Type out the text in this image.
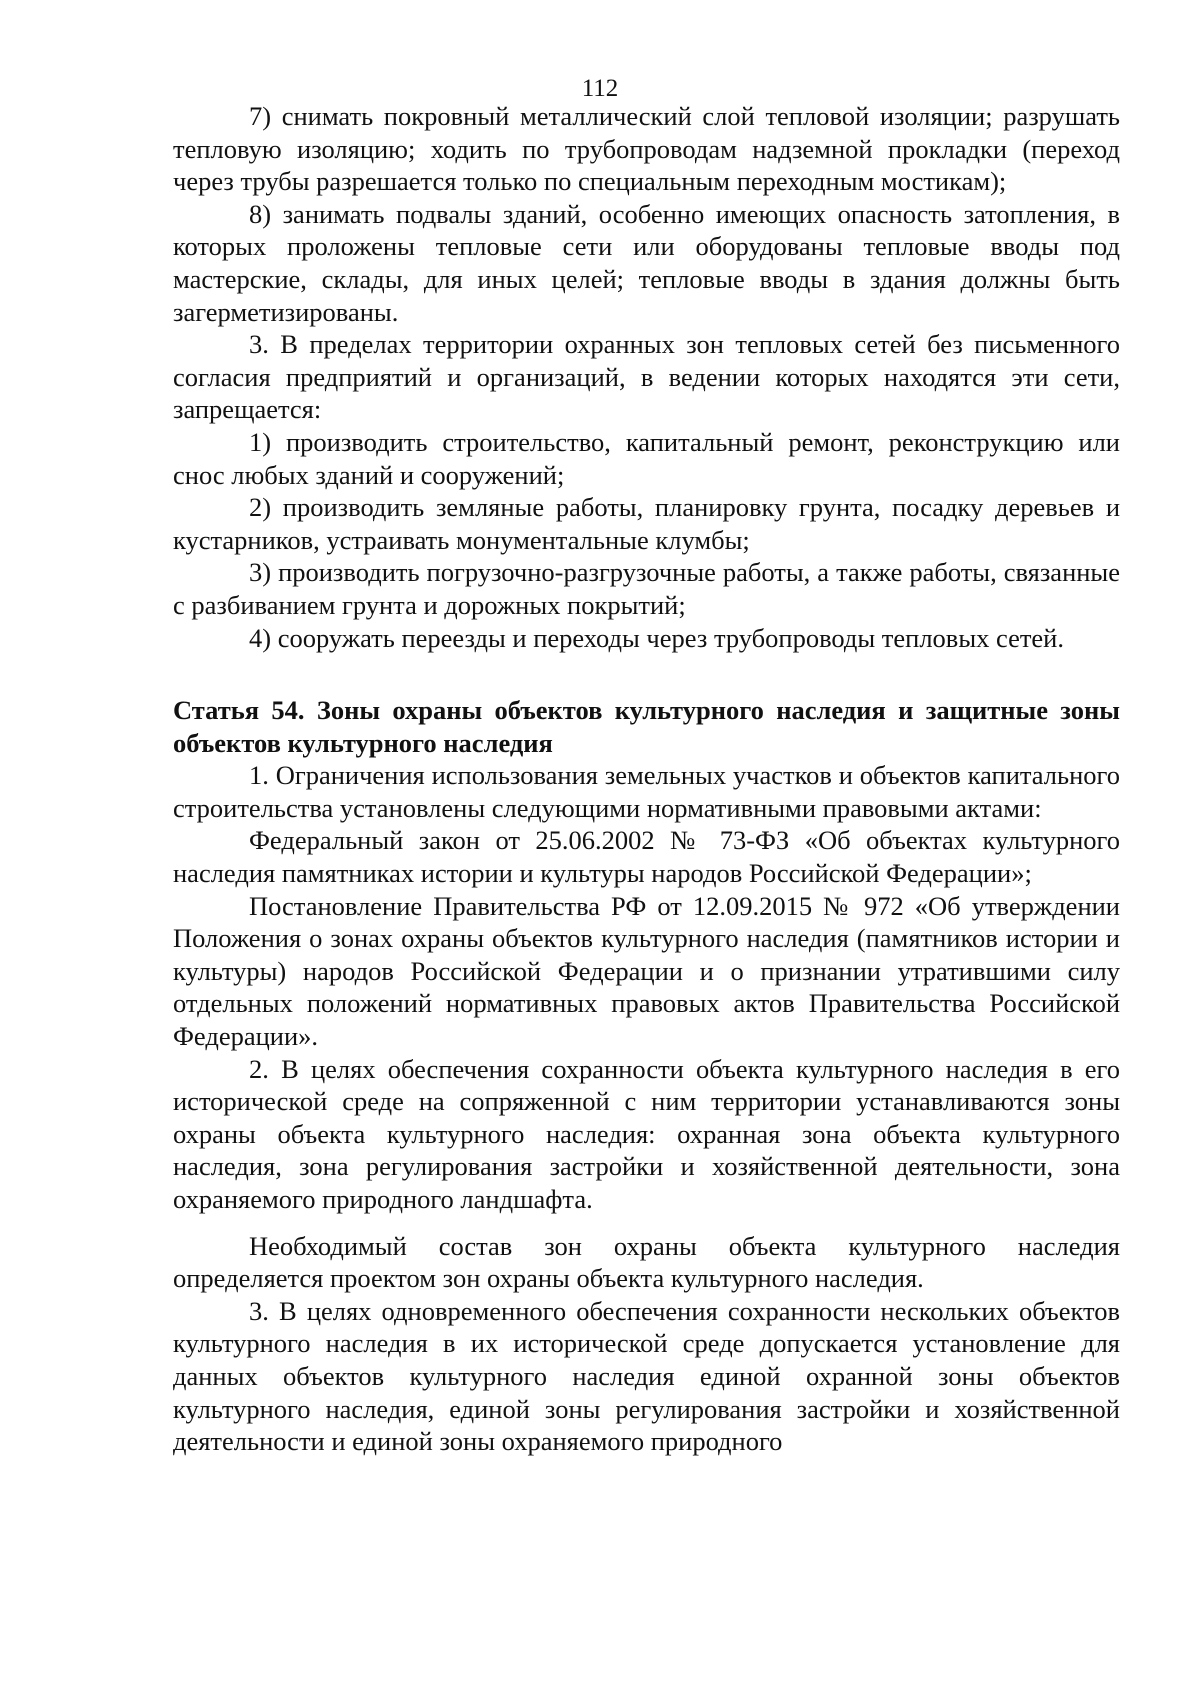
112

7) снимать покровный металлический слой тепловой изоляции; разрушать тепловую изоляцию; ходить по трубопроводам надземной прокладки (переход через трубы разрешается только по специальным переходным мостикам);

8) занимать подвалы зданий, особенно имеющих опасность затопления, в которых проложены тепловые сети или оборудованы тепловые вводы под мастерские, склады, для иных целей; тепловые вводы в здания должны быть загерметизированы.

3. В пределах территории охранных зон тепловых сетей без письменного согласия предприятий и организаций, в ведении которых находятся эти сети, запрещается:

1) производить строительство, капитальный ремонт, реконструкцию или снос любых зданий и сооружений;

2) производить земляные работы, планировку грунта, посадку деревьев и кустарников, устраивать монументальные клумбы;

3) производить погрузочно-разгрузочные работы, а также работы, связанные с разбиванием грунта и дорожных покрытий;

4) сооружать переезды и переходы через трубопроводы тепловых сетей.

Статья 54. Зоны охраны объектов культурного наследия и защитные зоны объектов культурного наследия

1. Ограничения использования земельных участков и объектов капитального строительства установлены следующими нормативными правовыми актами:

Федеральный закон от 25.06.2002 № 73-ФЗ «Об объектах культурного наследия памятниках истории и культуры народов Российской Федерации»;

Постановление Правительства РФ от 12.09.2015 № 972 «Об утверждении Положения о зонах охраны объектов культурного наследия (памятников истории и культуры) народов Российской Федерации и о признании утратившими силу отдельных положений нормативных правовых актов Правительства Российской Федерации».

2. В целях обеспечения сохранности объекта культурного наследия в его исторической среде на сопряженной с ним территории устанавливаются зоны охраны объекта культурного наследия: охранная зона объекта культурного наследия, зона регулирования застройки и хозяйственной деятельности, зона охраняемого природного ландшафта.

Необходимый состав зон охраны объекта культурного наследия определяется проектом зон охраны объекта культурного наследия.

3. В целях одновременного обеспечения сохранности нескольких объектов культурного наследия в их исторической среде допускается установление для данных объектов культурного наследия единой охранной зоны объектов культурного наследия, единой зоны регулирования застройки и хозяйственной деятельности и единой зоны охраняемого природного
